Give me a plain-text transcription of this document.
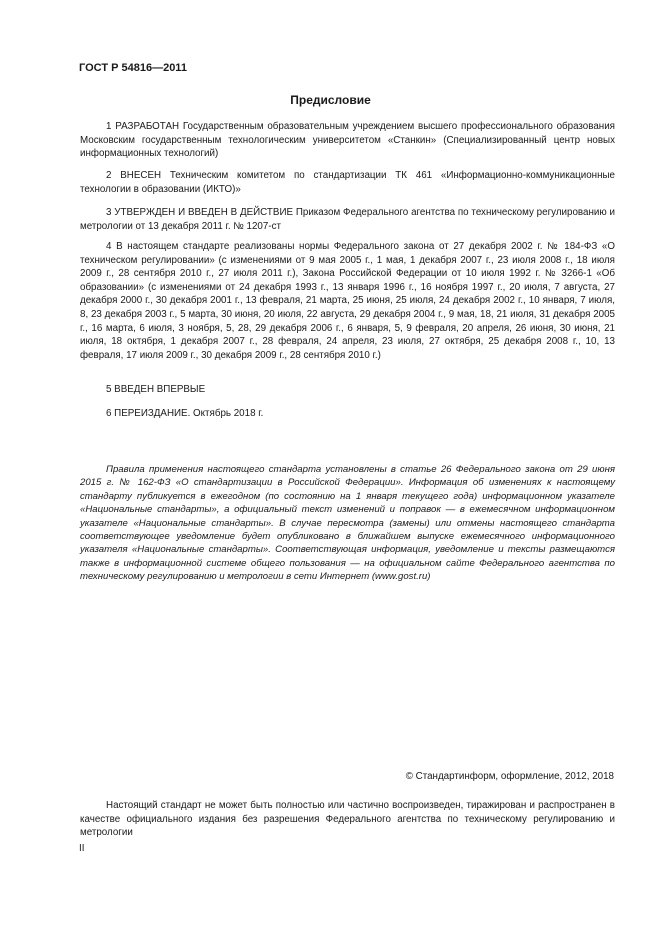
ГОСТ Р 54816—2011
Предисловие

1 РАЗРАБОТАН Государственным образовательным учреждением высшего профессионального образования Московским государственным технологическим университетом «Станкин» (Специализированный центр новых информационных технологий)

2 ВНЕСЕН Техническим комитетом по стандартизации ТК 461 «Информационно-коммуникационные технологии в образовании (ИКТО)»

3 УТВЕРЖДЕН И ВВЕДЕН В ДЕЙСТВИЕ Приказом Федерального агентства по техническому регулированию и метрологии от 13 декабря 2011 г. № 1207-ст

4 В настоящем стандарте реализованы нормы Федерального закона от 27 декабря 2002 г. № 184-ФЗ «О техническом регулировании» (с изменениями от 9 мая 2005 г., 1 мая, 1 декабря 2007 г., 23 июля 2008 г., 18 июля 2009 г., 28 сентября 2010 г., 27 июля 2011 г.), Закона Российской Федерации от 10 июля 1992 г. № 3266-1 «Об образовании» (с изменениями от 24 декабря 1993 г., 13 января 1996 г., 16 ноября 1997 г., 20 июля, 7 августа, 27 декабря 2000 г., 30 декабря 2001 г., 13 февраля, 21 марта, 25 июня, 25 июля, 24 декабря 2002 г., 10 января, 7 июля, 8, 23 декабря 2003 г., 5 марта, 30 июня, 20 июля, 22 августа, 29 декабря 2004 г., 9 мая, 18, 21 июля, 31 декабря 2005 г., 16 марта, 6 июля, 3 ноября, 5, 28, 29 декабря 2006 г., 6 января, 5, 9 февраля, 20 апреля, 26 июня, 30 июня, 21 июля, 18 октября, 1 декабря 2007 г., 28 февраля, 24 апреля, 23 июля, 27 октября, 25 декабря 2008 г., 10, 13 февраля, 17 июля 2009 г., 30 декабря 2009 г., 28 сентября 2010 г.)

5 ВВЕДЕН ВПЕРВЫЕ

6 ПЕРЕИЗДАНИЕ. Октябрь 2018 г.

Правила применения настоящего стандарта установлены в статье 26 Федерального закона от 29 июня 2015 г. № 162-ФЗ «О стандартизации в Российской Федерации». Информация об изменениях к настоящему стандарту публикуется в ежегодном (по состоянию на 1 января текущего года) информационном указателе «Национальные стандарты», а официальный текст изменений и поправок — в ежемесячном информационном указателе «Национальные стандарты». В случае пересмотра (замены) или отмены настоящего стандарта соответствующее уведомление будет опубликовано в ближайшем выпуске ежемесячного информационного указателя «Национальные стандарты». Соответствующая информация, уведомление и тексты размещаются также в информационной системе общего пользования — на официальном сайте Федерального агентства по техническому регулированию и метрологии в сети Интернет (www.gost.ru)

© Стандартинформ, оформление, 2012, 2018

Настоящий стандарт не может быть полностью или частично воспроизведен, тиражирован и распространен в качестве официального издания без разрешения Федерального агентства по техническому регулированию и метрологии

II
